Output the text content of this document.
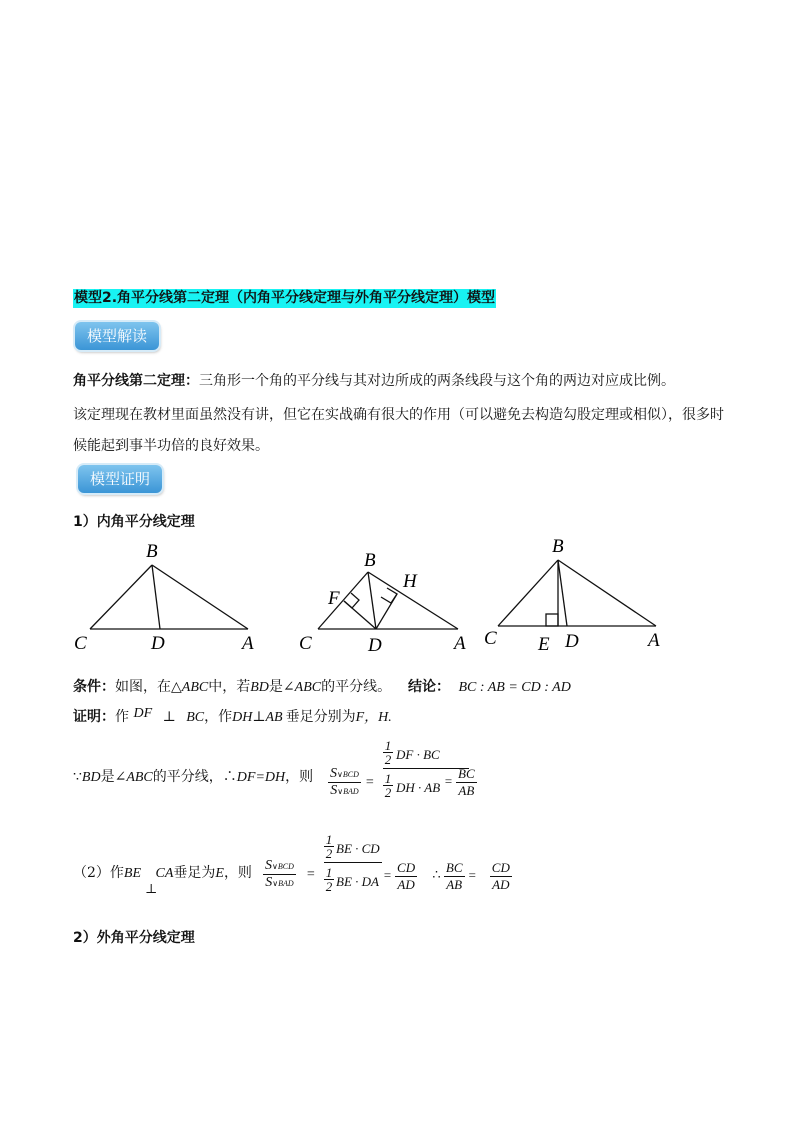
模型2.角平分线第二定理（内角平分线定理与外角平分线定理）模型
模型解读
角平分线第二定理：三角形一个角的平分线与其对边所成的两条线段与这个角的两边对应成比例。
该定理现在教材里面虽然没有讲，但它在实战确有很大的作用（可以避免去构造勾股定理或相似），很多时候能起到事半功倍的良好效果。
模型证明
1）内角平分线定理
B
C	D	A
B
F
H
C	D	A
B
C E D	A
条件：如图，在△ABC中，若BD是∠ABC的平分线。 结论： BC : AB = CD : AD
证明：作 DF ⊥ BC，作DH⊥AB 垂足分别为F，H.
∵BD是∠ABC的平分线，∴DF=DH，则 $\frac{\text{S∨BCD}}{\text{S∨BAD}}$ =
$\frac{1}{2}$ DF · BC
$\frac{1}{2}$ DH · AB = $\frac{BC}{AB}$
（2）作BE CA垂足为E，则
⊥	$\frac{\text{S∨BCD}}{\text{S∨BAD}}$ =
$\frac{1}{2}$ BE · CD
$\frac{1}{2}$ BE · DA = $\frac{CD}{AD}$ ∴ $\frac{BC}{AB} = \frac{CD}{AD}$
2）外角平分线定理
